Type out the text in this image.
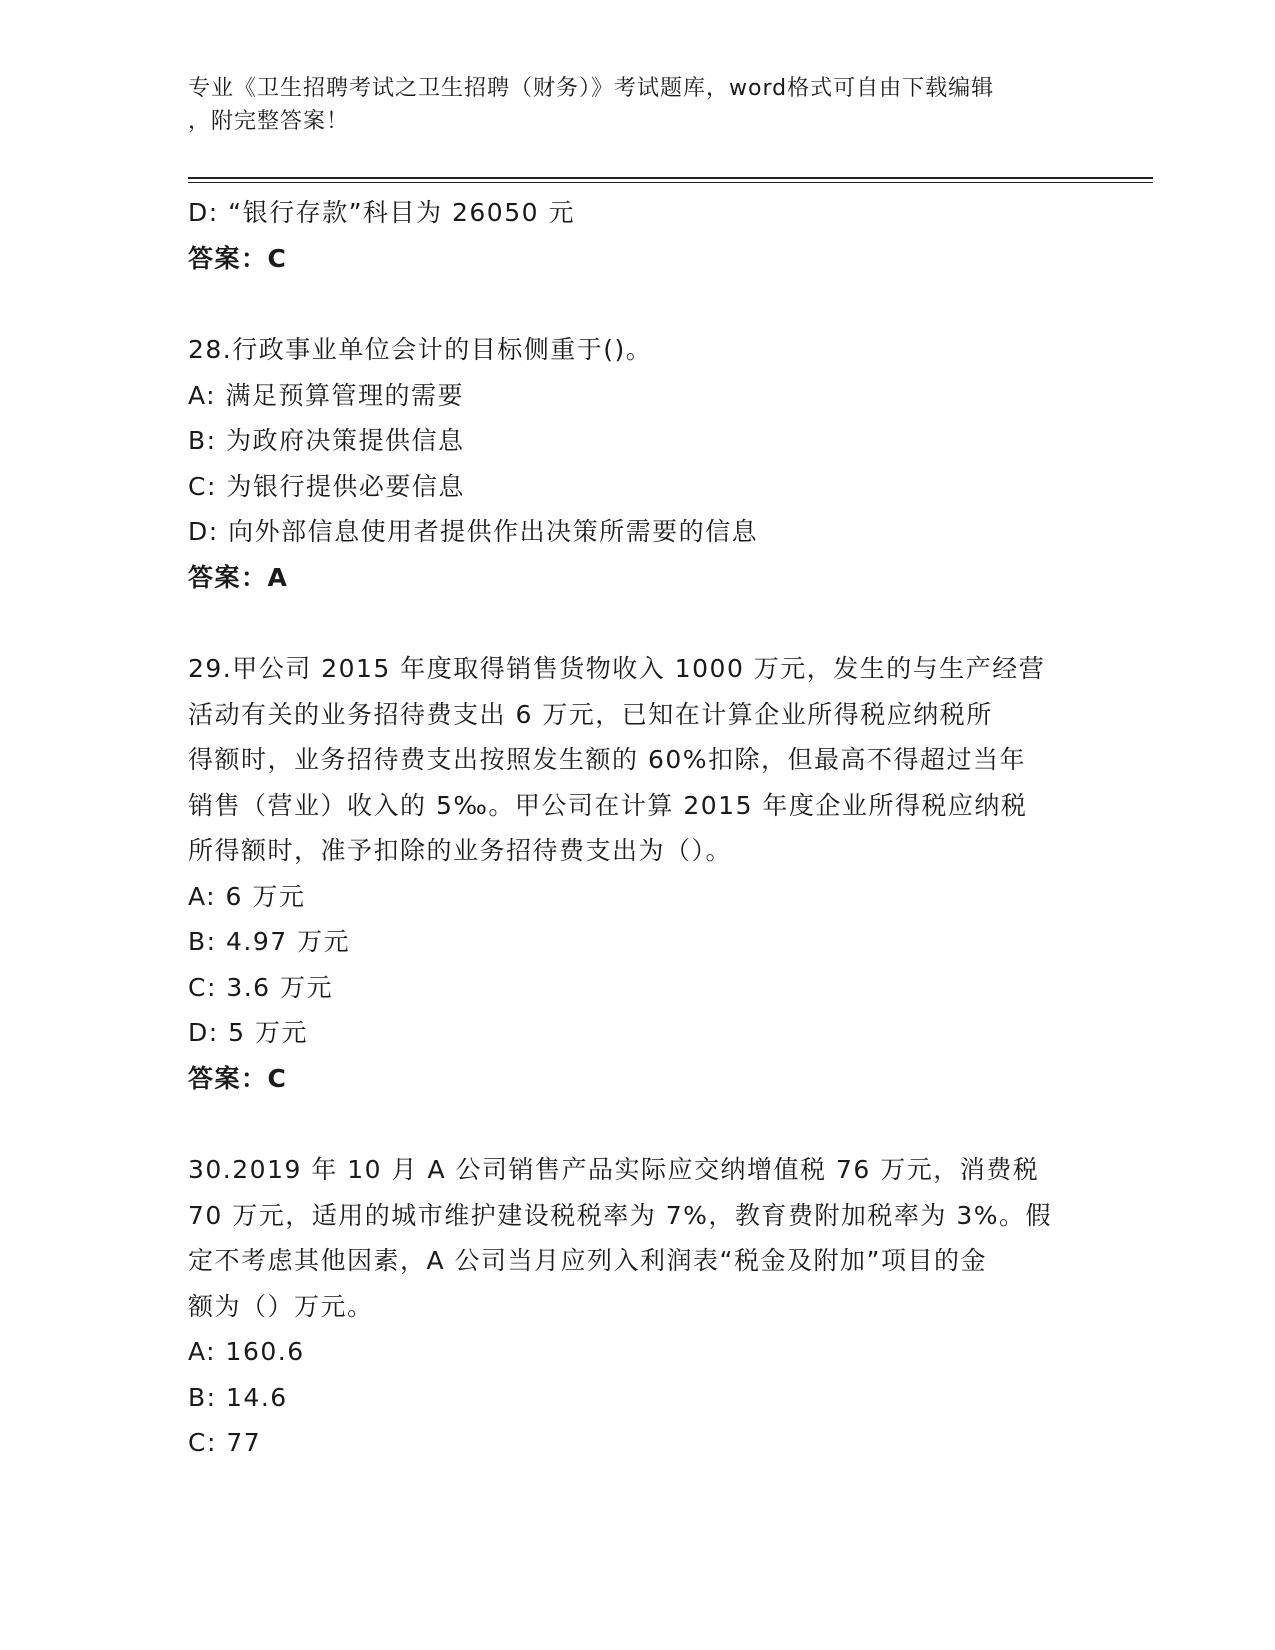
专业《卫生招聘考试之卫生招聘（财务）》考试题库，word格式可自由下载编辑
，附完整答案！
D: “银行存款”科目为 26050 元
答案：C
28.行政事业单位会计的目标侧重于()。
A: 满足预算管理的需要
B: 为政府决策提供信息
C: 为银行提供必要信息
D: 向外部信息使用者提供作出决策所需要的信息
答案：A
29.甲公司 2015 年度取得销售货物收入 1000 万元，发生的与生产经营
活动有关的业务招待费支出 6 万元，已知在计算企业所得税应纳税所
得额时，业务招待费支出按照发生额的 60%扣除，但最高不得超过当年
销售（营业）收入的 5‰。甲公司在计算 2015 年度企业所得税应纳税
所得额时，准予扣除的业务招待费支出为（）。
A: 6 万元
B: 4.97 万元
C: 3.6 万元
D: 5 万元
答案：C
30.2019 年 10 月 A 公司销售产品实际应交纳增值税 76 万元，消费税
70 万元，适用的城市维护建设税税率为 7%，教育费附加税率为 3%。假
定不考虑其他因素，A 公司当月应列入利润表“税金及附加”项目的金
额为（）万元。
A: 160.6
B: 14.6
C: 77
